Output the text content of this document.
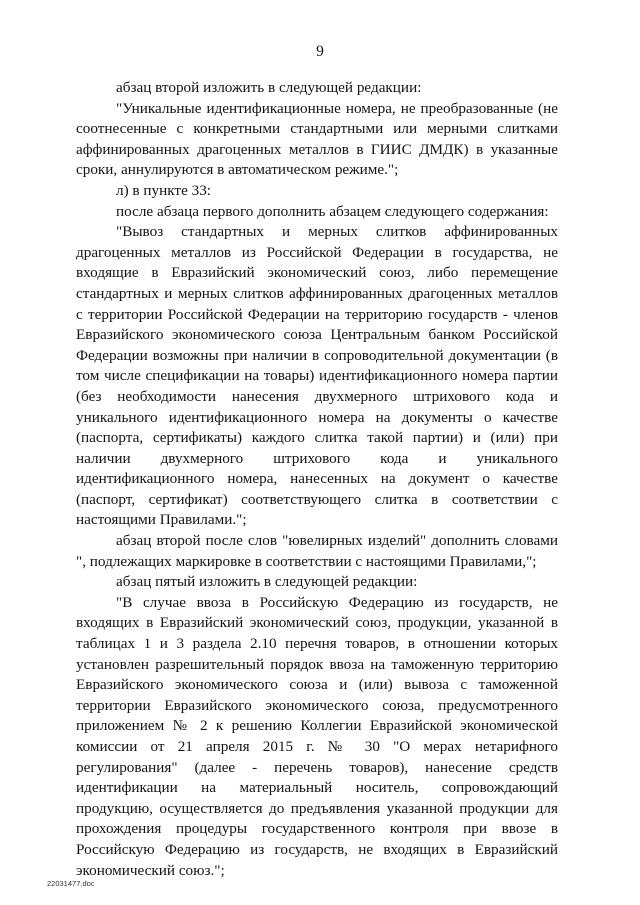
9

абзац второй изложить в следующей редакции:

"Уникальные идентификационные номера, не преобразованные (не соотнесенные с конкретными стандартными или мерными слитками аффинированных драгоценных металлов в ГИИС ДМДК) в указанные сроки, аннулируются в автоматическом режиме.";

л) в пункте 33:

после абзаца первого дополнить абзацем следующего содержания:

"Вывоз стандартных и мерных слитков аффинированных драгоценных металлов из Российской Федерации в государства, не входящие в Евразийский экономический союз, либо перемещение стандартных и мерных слитков аффинированных драгоценных металлов с территории Российской Федерации на территорию государств - членов Евразийского экономического союза Центральным банком Российской Федерации возможны при наличии в сопроводительной документации (в том числе спецификации на товары) идентификационного номера партии (без необходимости нанесения двухмерного штрихового кода и уникального идентификационного номера на документы о качестве (паспорта, сертификаты) каждого слитка такой партии) и (или) при наличии двухмерного штрихового кода и уникального идентификационного номера, нанесенных на документ о качестве (паспорт, сертификат) соответствующего слитка в соответствии с настоящими Правилами.";

абзац второй после слов "ювелирных изделий" дополнить словами ", подлежащих маркировке в соответствии с настоящими Правилами,";

абзац пятый изложить в следующей редакции:

"В случае ввоза в Российскую Федерацию из государств, не входящих в Евразийский экономический союз, продукции, указанной в таблицах 1 и 3 раздела 2.10 перечня товаров, в отношении которых установлен разрешительный порядок ввоза на таможенную территорию Евразийского экономического союза и (или) вывоза с таможенной территории Евразийского экономического союза, предусмотренного приложением № 2 к решению Коллегии Евразийской экономической комиссии от 21 апреля 2015 г. № 30 "О мерах нетарифного регулирования" (далее - перечень товаров), нанесение средств идентификации на материальный носитель, сопровождающий продукцию, осуществляется до предъявления указанной продукции для прохождения процедуры государственного контроля при ввозе в Российскую Федерацию из государств, не входящих в Евразийский экономический союз.";

22031477.doc
